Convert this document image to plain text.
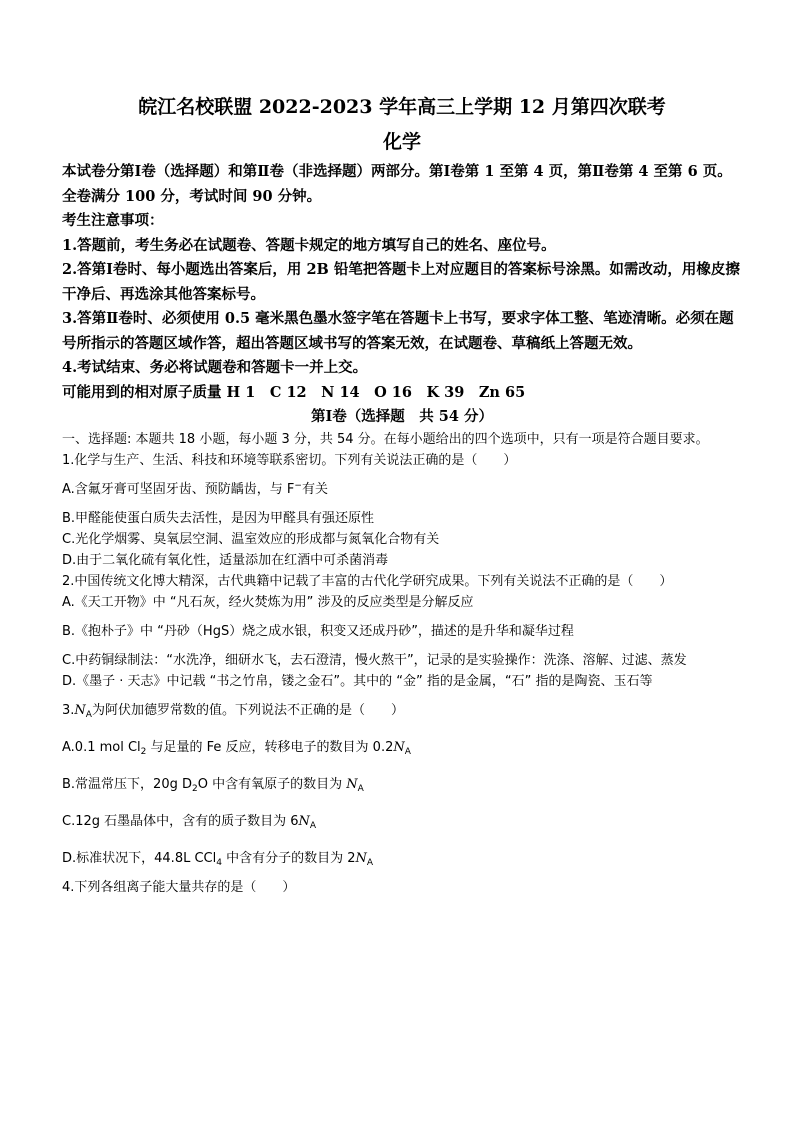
皖江名校联盟 2022-2023 学年高三上学期 12 月第四次联考

化学

本试卷分第Ⅰ卷（选择题）和第Ⅱ卷（非选择题）两部分。第Ⅰ卷第 1 至第 4 页，第Ⅱ卷第 4 至第 6 页。全卷满分 100 分，考试时间 90 分钟。

考生注意事项：

1.答题前，考生务必在试题卷、答题卡规定的地方填写自己的姓名、座位号。

2.答第Ⅰ卷时、每小题选出答案后，用 2B 铅笔把答题卡上对应题目的答案标号涂黑。如需改动，用橡皮擦干净后、再选涂其他答案标号。

3.答第Ⅱ卷时、必须使用 0.5 毫米黑色墨水签字笔在答题卡上书写，要求字体工整、笔迹清晰。必须在题号所指示的答题区域作答，超出答题区域书写的答案无效，在试题卷、草稿纸上答题无效。

4.考试结束、务必将试题卷和答题卡一并上交。

可能用到的相对原子质量 H 1　C 12　N 14　O 16　K 39　Zn 65

第Ⅰ卷（选择题　共 54 分）

一、选择题: 本题共 18 小题，每小题 3 分，共 54 分。在每小题给出的四个选项中，只有一项是符合题目要求。

1.化学与生产、生活、科技和环境等联系密切。下列有关说法正确的是（　　）

A.含氟牙膏可坚固牙齿、预防龋齿，与 F−有关

B.甲醛能使蛋白质失去活性，是因为甲醛具有强还原性

C.光化学烟雾、臭氧层空洞、温室效应的形成都与氮氧化合物有关

D.由于二氧化硫有氧化性，适量添加在红酒中可杀菌消毒

2.中国传统文化博大精深，古代典籍中记载了丰富的古代化学研究成果。下列有关说法不正确的是（　　）

A.《天工开物》中 “凡石灰，经火焚炼为用” 涉及的反应类型是分解反应

B.《抱朴子》中 “丹砂（HgS）烧之成水银，积变又还成丹砂”，描述的是升华和凝华过程

C.中药铜绿制法：“水洗净，细研水飞，去石澄清，慢火熬干”，记录的是实验操作：洗涤、溶解、过滤、蒸发

D.《墨子 · 天志》中记载 “书之竹帛，镂之金石”。其中的 “金” 指的是金属，“石” 指的是陶瓷、玉石等

$3.N_A$为阿伏加德罗常数的值。下列说法不正确的是（　　）

A.0.1 mol $Cl_2$ 与足量的 Fe 反应，转移电子的数目为 $0.2N_A$

B.常温常压下，20g $D_2O$ 中含有氧原子的数目为 $N_A$

C.12g 石墨晶体中，含有的质子数目为 $6N_A$

D.标准状况下，44.8L CCl$_4$ 中含有分子的数目为 $2N_A$

4.下列各组离子能大量共存的是（　　）
